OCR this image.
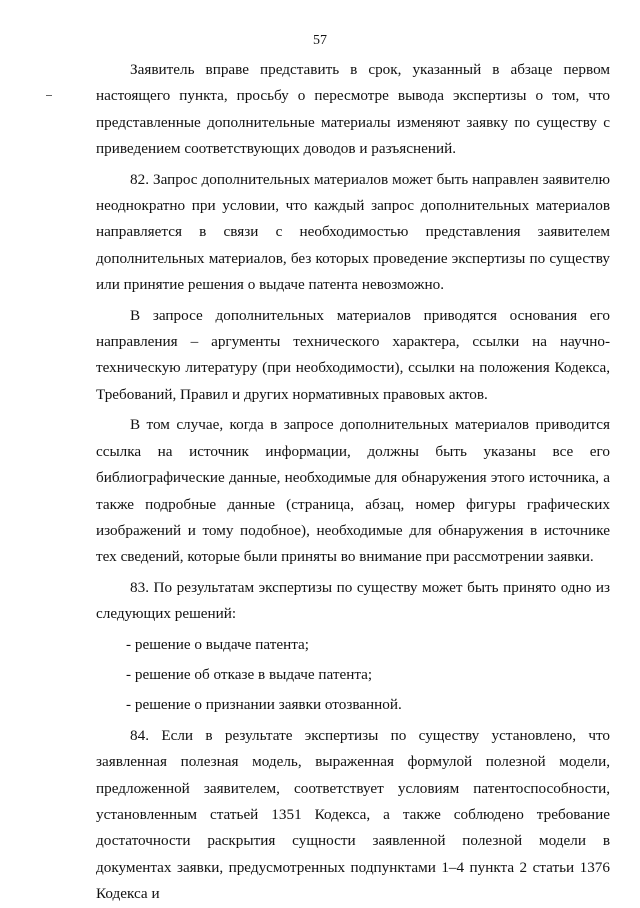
57

Заявитель вправе представить в срок, указанный в абзаце первом настоящего пункта, просьбу о пересмотре вывода экспертизы о том, что представленные дополнительные материалы изменяют заявку по существу с приведением соответствующих доводов и разъяснений.

82. Запрос дополнительных материалов может быть направлен заявителю неоднократно при условии, что каждый запрос дополнительных материалов направляется в связи с необходимостью представления заявителем дополнительных материалов, без которых проведение экспертизы по существу или принятие решения о выдаче патента невозможно.

В запросе дополнительных материалов приводятся основания его направления – аргументы технического характера, ссылки на научно-техническую литературу (при необходимости), ссылки на положения Кодекса, Требований, Правил и других нормативных правовых актов.

В том случае, когда в запросе дополнительных материалов приводится ссылка на источник информации, должны быть указаны все его библиографические данные, необходимые для обнаружения этого источника, а также подробные данные (страница, абзац, номер фигуры графических изображений и тому подобное), необходимые для обнаружения в источнике тех сведений, которые были приняты во внимание при рассмотрении заявки.

83. По результатам экспертизы по существу может быть принято одно из следующих решений:

- решение о выдаче патента;

- решение об отказе в выдаче патента;

- решение о признании заявки отозванной.

84. Если в результате экспертизы по существу установлено, что заявленная полезная модель, выраженная формулой полезной модели, предложенной заявителем, соответствует условиям патентоспособности, установленным статьей 1351 Кодекса, а также соблюдено требование достаточности раскрытия сущности заявленной полезной модели в документах заявки, предусмотренных подпунктами 1–4 пункта 2 статьи 1376 Кодекса и
